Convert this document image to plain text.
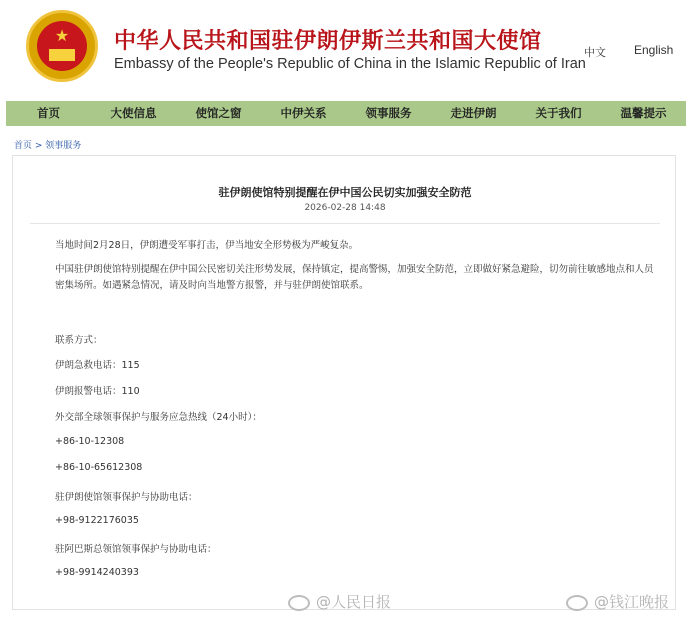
★	中华人民共和国驻伊朗伊斯兰共和国大使馆
Embassy of the People's Republic of China in the Islamic Republic of Iran
中文 English
首页	大使信息	使馆之窗	中伊关系	领事服务	走进伊朗	关于我们	温馨提示
首页 > 领事服务
驻伊朗使馆特别提醒在伊中国公民切实加强安全防范
2026-02-28 14:48
当地时间2月28日，伊朗遭受军事打击，伊当地安全形势极为严峻复杂。
中国驻伊朗使馆特别提醒在伊中国公民密切关注形势发展，保持镇定，提高警惕，加强安全防范，立即做好紧急避险，切勿前往敏感地点和人员密集场所。如遇紧急情况，请及时向当地警方报警，并与驻伊朗使馆联系。
联系方式：
伊朗急救电话：115
伊朗报警电话：110
外交部全球领事保护与服务应急热线（24小时）：
+86-10-12308
+86-10-65612308
驻伊朗使馆领事保护与协助电话：
+98-9122176035
驻阿巴斯总领馆领事保护与协助电话：
+98-9914240393
@人民日报	@钱江晚报
